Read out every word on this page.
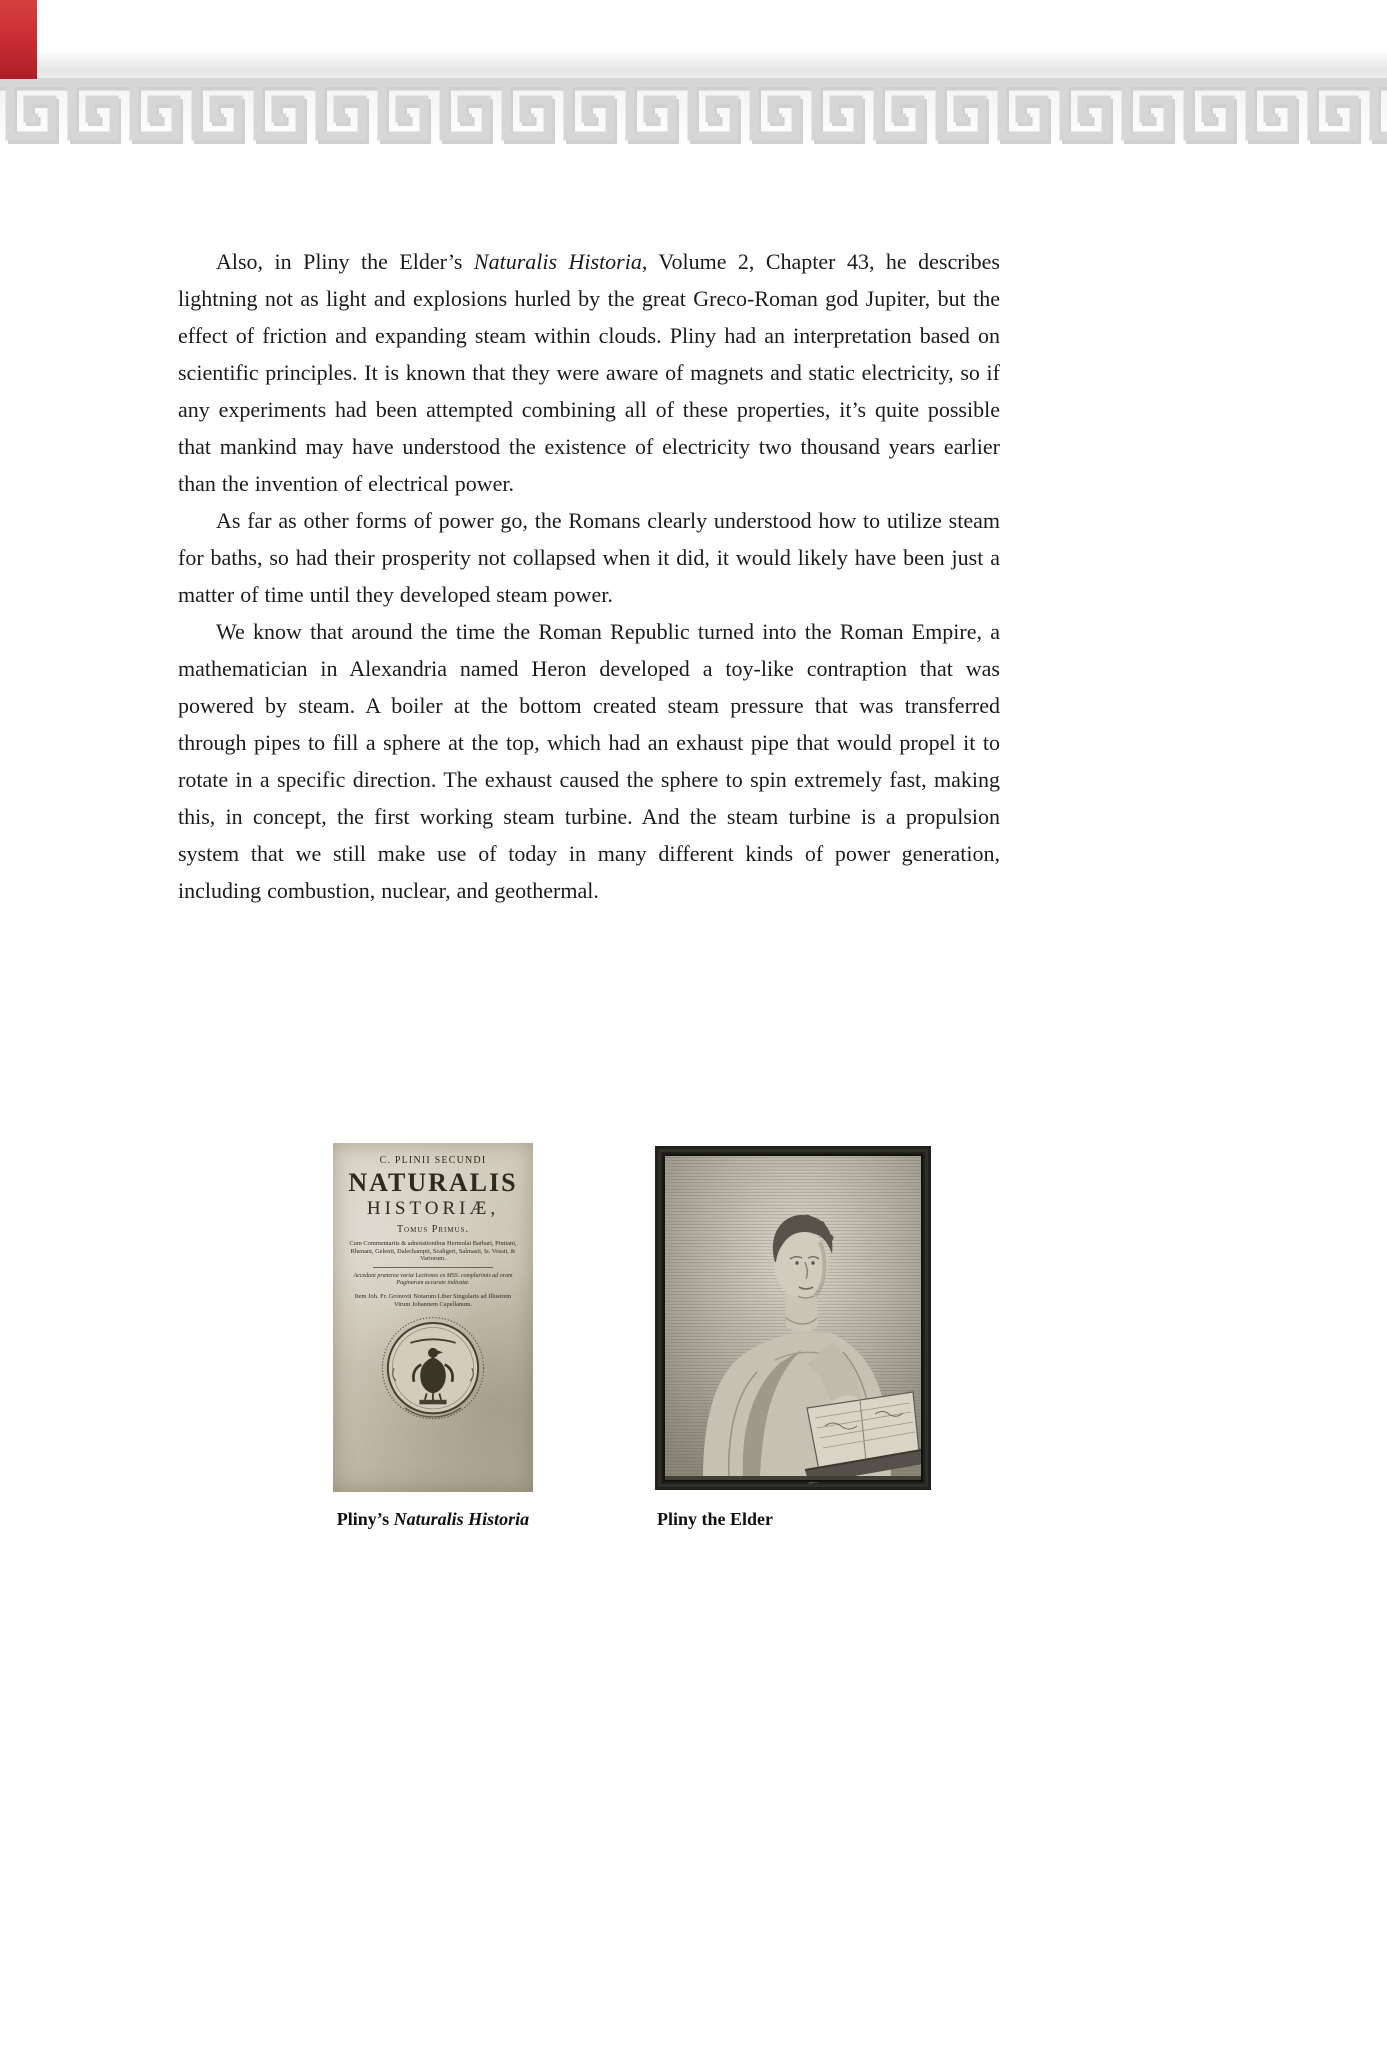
Also, in Pliny the Elder’s Naturalis Historia, Volume 2, Chapter 43, he describes lightning not as light and explosions hurled by the great Greco-Roman god Jupiter, but the effect of friction and expanding steam within clouds. Pliny had an interpretation based on scientific principles. It is known that they were aware of magnets and static electricity, so if any experiments had been attempted combining all of these properties, it’s quite possible that mankind may have understood the existence of electricity two thousand years earlier than the invention of electrical power.

As far as other forms of power go, the Romans clearly understood how to utilize steam for baths, so had their prosperity not collapsed when it did, it would likely have been just a matter of time until they developed steam power.

We know that around the time the Roman Republic turned into the Roman Empire, a mathematician in Alexandria named Heron developed a toy-like contraption that was powered by steam. A boiler at the bottom created steam pressure that was transferred through pipes to fill a sphere at the top, which had an exhaust pipe that would propel it to rotate in a specific direction. The exhaust caused the sphere to spin extremely fast, making this, in concept, the first working steam turbine. And the steam turbine is a propulsion system that we still make use of today in many different kinds of power generation, including combustion, nuclear, and geothermal.

C. PLINII SECUNDI
NATURALIS
HISTORIÆ,
Tomus Primus.
Cum Commentariis & adnotationibus Hermolai Barbari, Pintiani, Rhenani, Gelenii, Dalechampii, Scaligeri, Salmasii, Is. Vossii, & Variorum.
Accedunt præterea variæ Lectiones ex MSS. complurimis ad oram Paginarum accurate indicatæ.
Item Joh. Fr. Gronovii Notarum Liber Singularis ad Illustrem Virum Johannem Capellanum.
Pliny’s Naturalis Historia	Pliny the Elder
